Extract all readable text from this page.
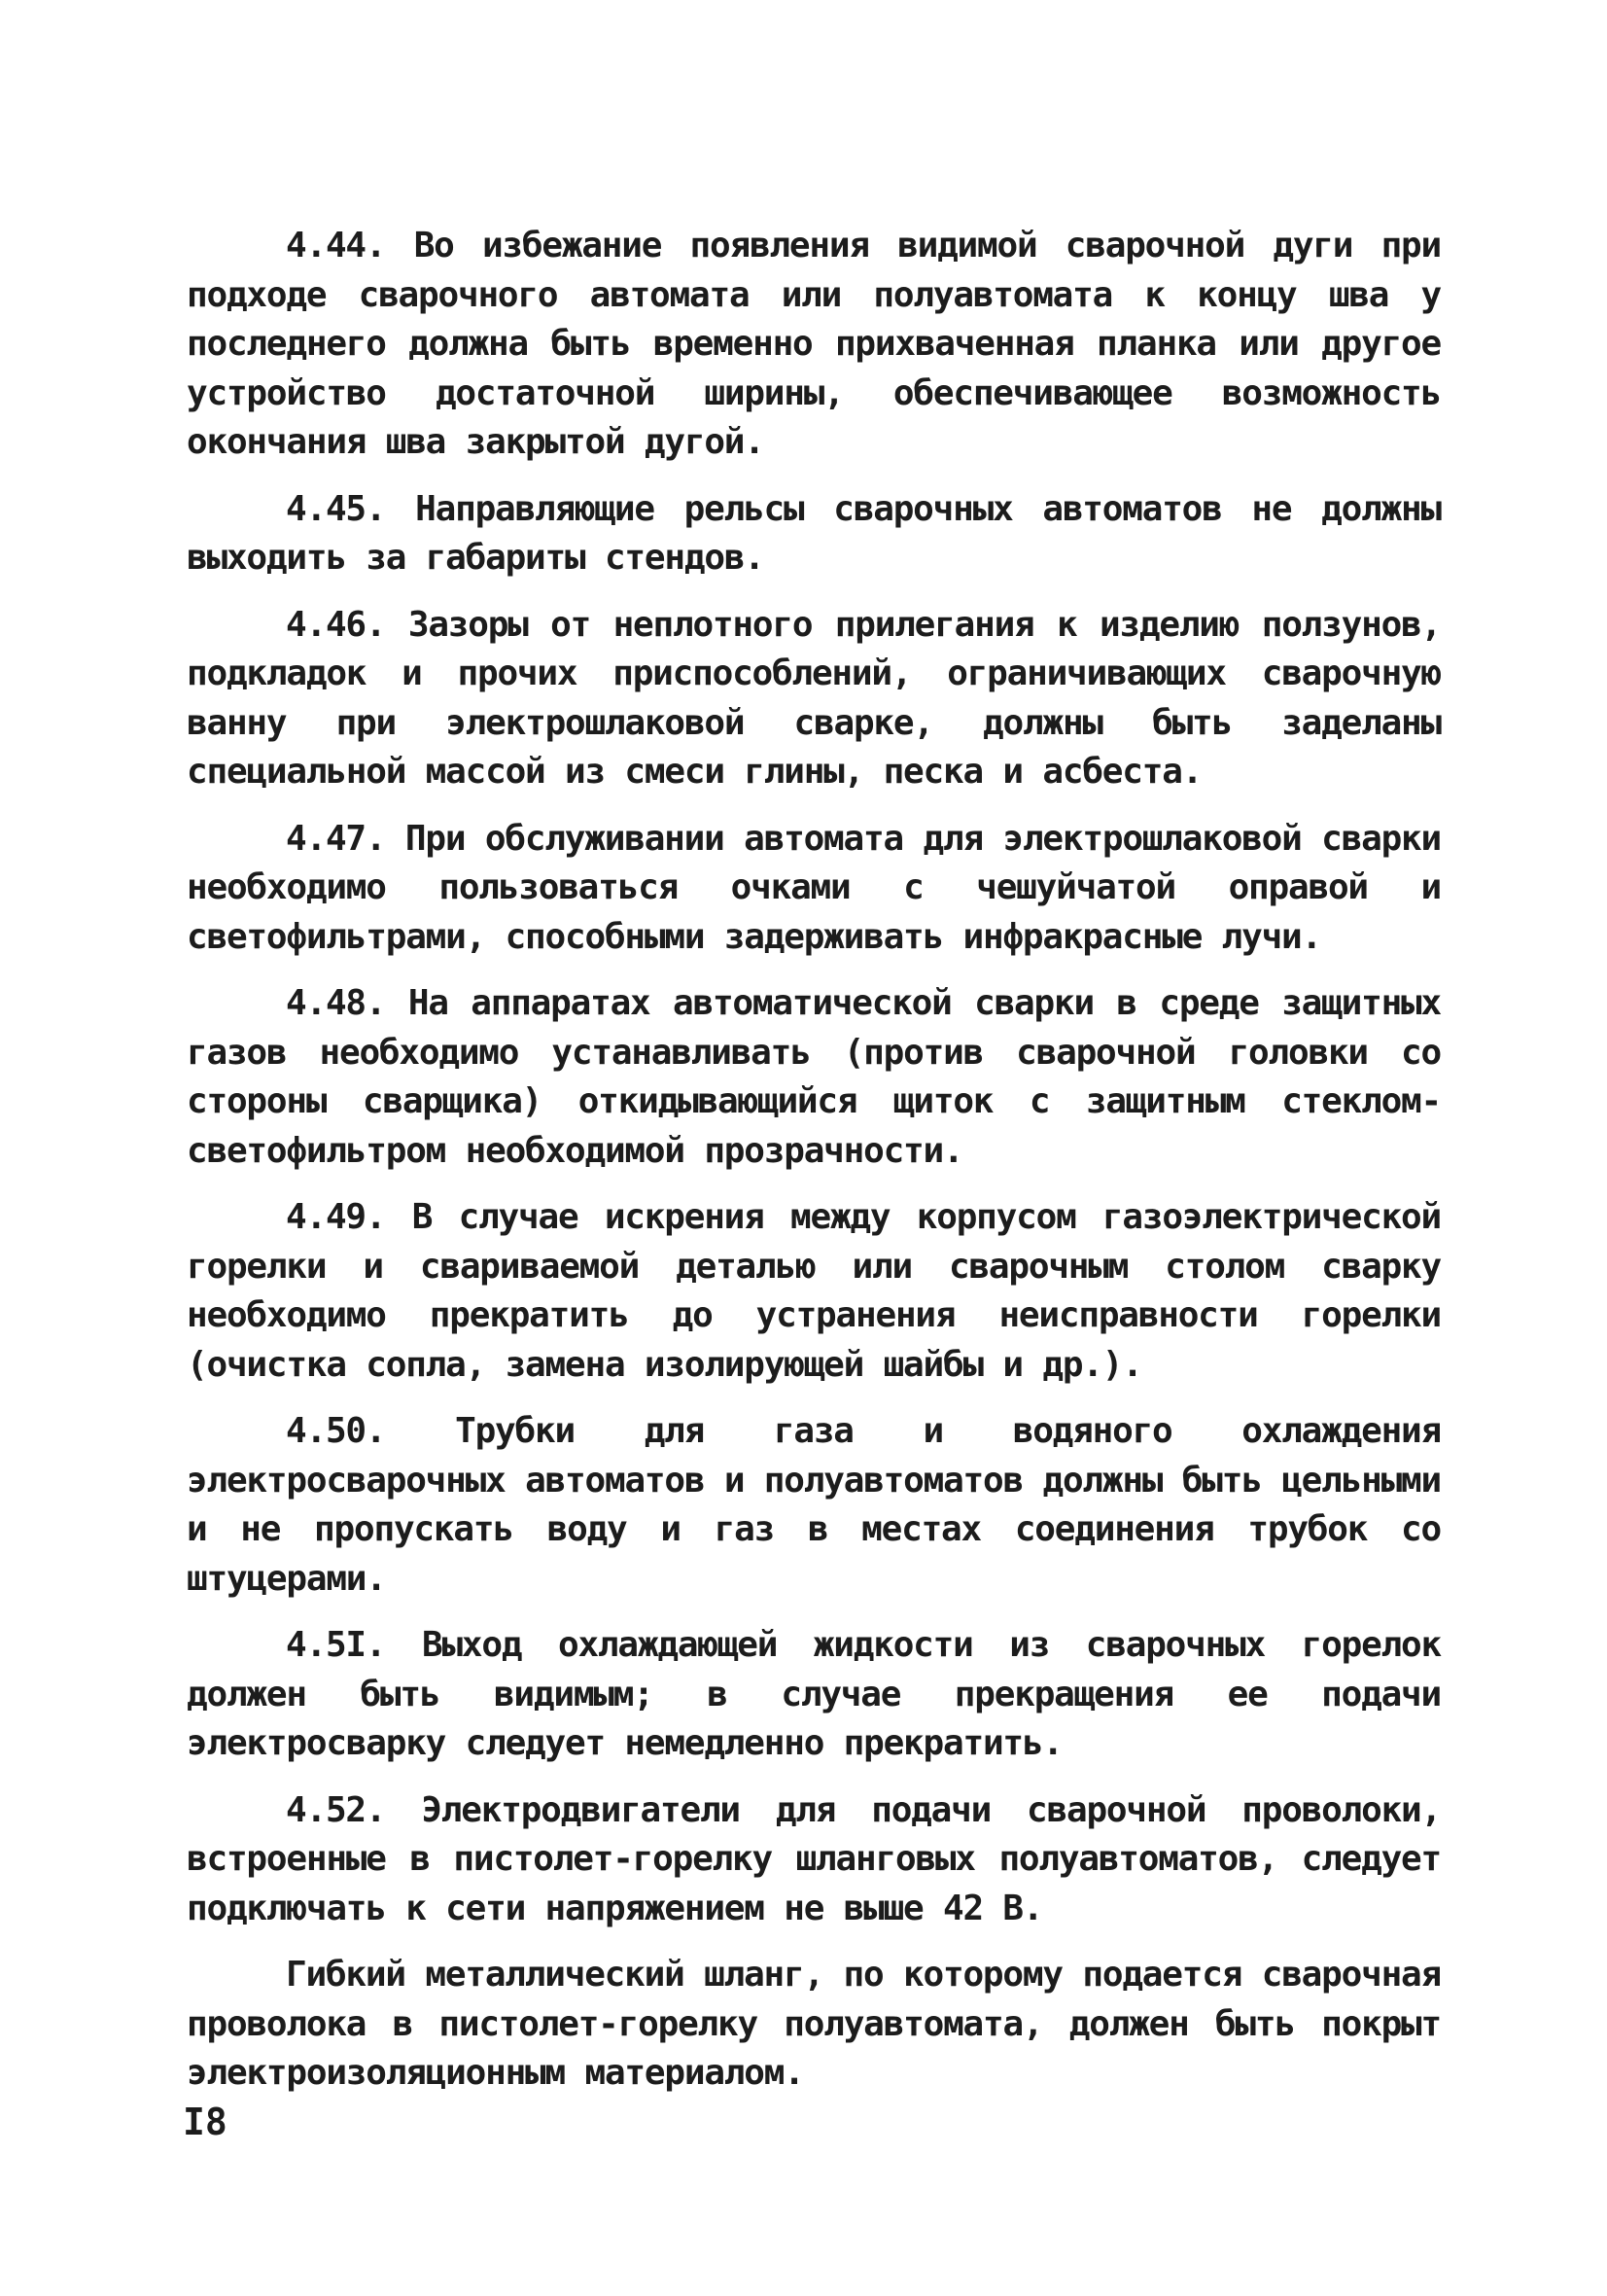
4.44. Во избежание появления видимой сварочной дуги при подходе сварочного автомата или полуавтомата к концу шва у последнего должна быть временно прихваченная планка или другое устройство достаточной ширины, обеспечивающее возможность окончания шва закрытой дугой.

4.45. Направляющие рельсы сварочных автоматов не должны выходить за габариты стендов.

4.46. Зазоры от неплотного прилегания к изделию ползунов, подкладок и прочих приспособлений, ограничивающих сварочную ванну при электрошлаковой сварке, должны быть заделаны специальной массой из смеси глины, песка и асбеста.

4.47. При обслуживании автомата для электрошлаковой сварки необходимо пользоваться очками с чешуйчатой оправой и светофильтрами, способными задерживать инфракрасные лучи.

4.48. На аппаратах автоматической сварки в среде защитных газов необходимо устанавливать (против сварочной головки со стороны сварщика) откидывающийся щиток с защитным стеклом-светофильтром необходимой прозрачности.

4.49. В случае искрения между корпусом газоэлектрической горелки и свариваемой деталью или сварочным столом сварку необходимо прекратить до устранения неисправности горелки (очистка сопла, замена изолирующей шайбы и др.).

4.50. Трубки для газа и водяного охлаждения электросварочных автоматов и полуавтоматов должны быть цельными и не пропускать воду и газ в местах соединения трубок со штуцерами.

4.5I. Выход охлаждающей жидкости из сварочных горелок должен быть видимым; в случае прекращения ее подачи электросварку следует немедленно прекратить.

4.52. Электродвигатели для подачи сварочной проволоки, встроенные в пистолет-горелку шланговых полуавтоматов, следует подключать к сети напряжением не выше 42 В.

Гибкий металлический шланг, по которому подается сварочная проволока в пистолет-горелку полуавтомата, должен быть покрыт электроизоляционным материалом.

I8
